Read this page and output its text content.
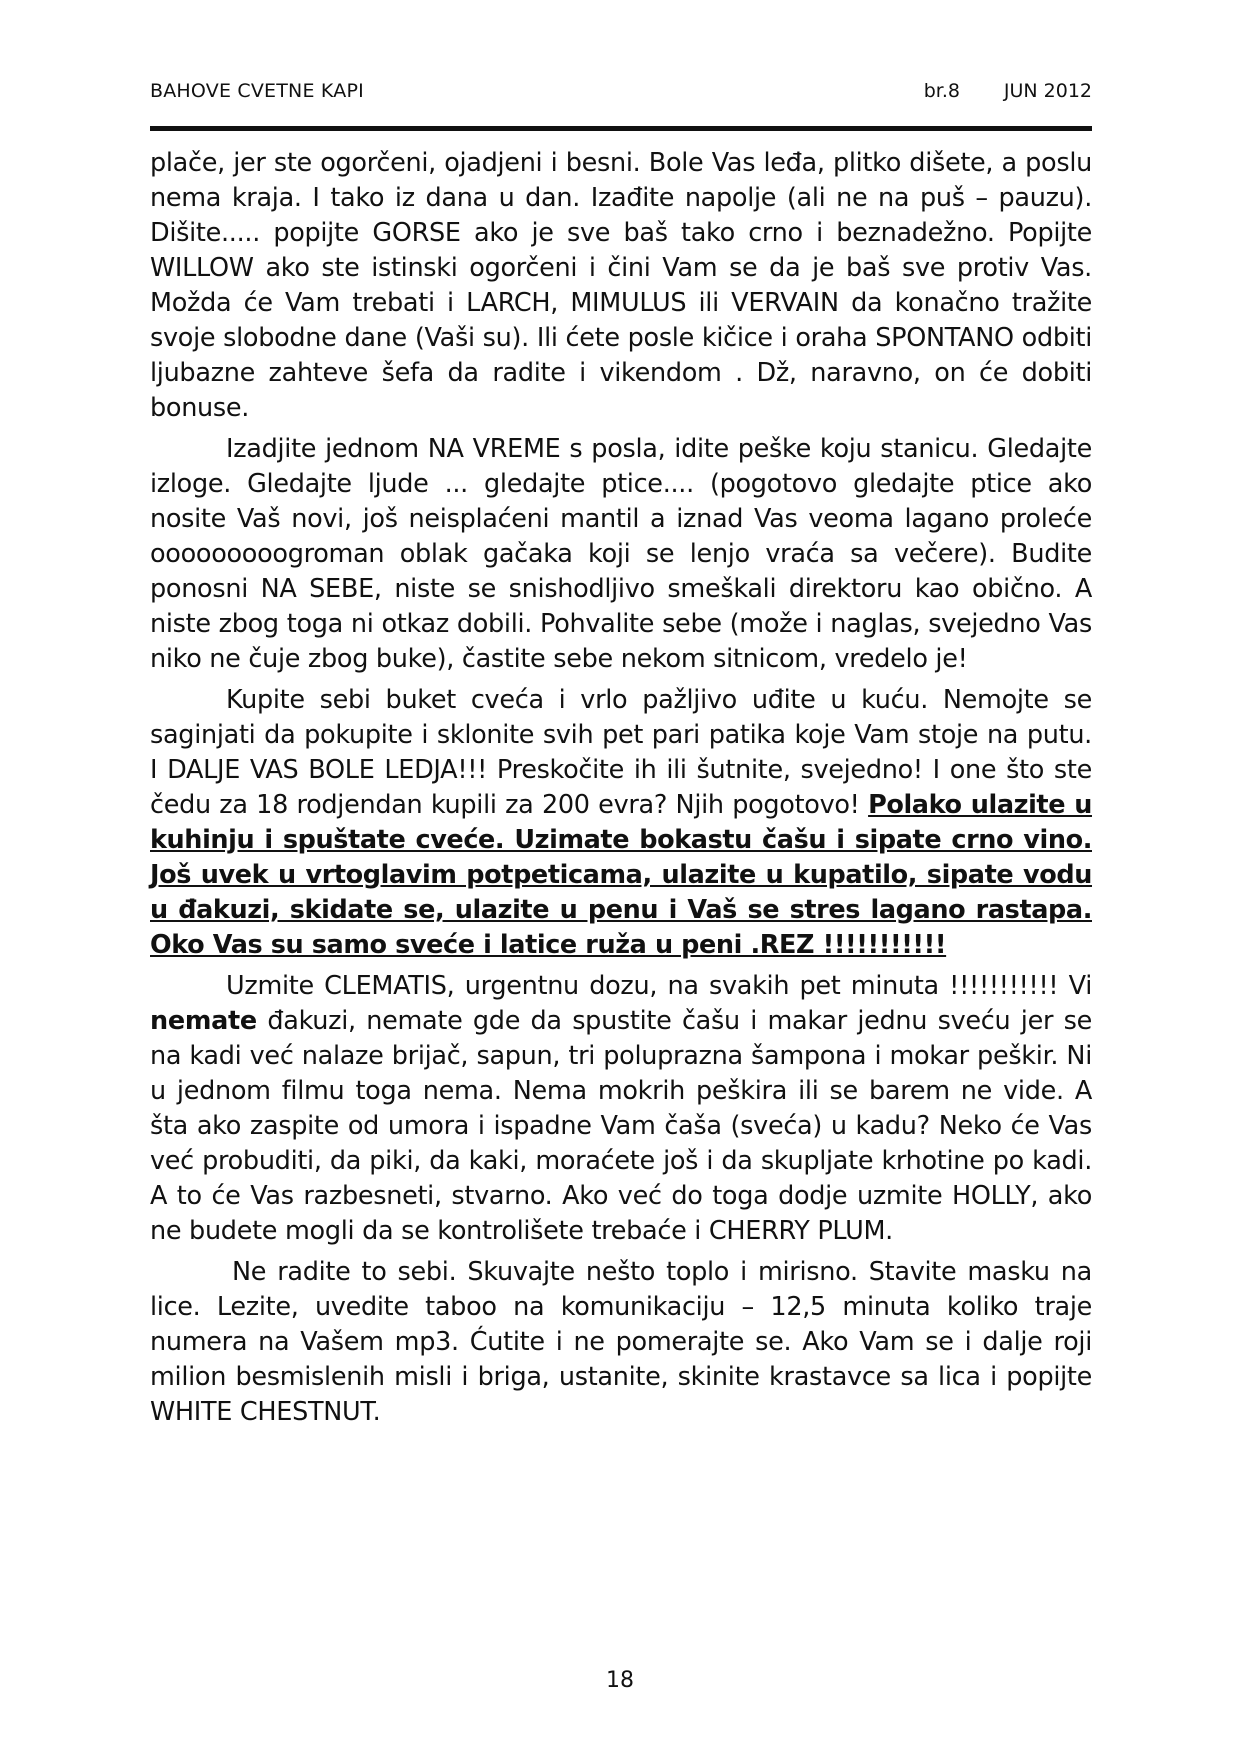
BAHOVE CVETNE KAPI	br.8 JUN 2012

plače, jer ste ogorčeni, ojadjeni i besni. Bole Vas leđa, plitko dišete, a poslu nema kraja. I tako iz dana u dan. Izađite napolje (ali ne na puš – pauzu). Dišite..... popijte GORSE ako je sve baš tako crno i beznadežno. Popijte WILLOW ako ste istinski ogorčeni i čini Vam se da je baš sve protiv Vas. Možda će Vam trebati i LARCH, MIMULUS ili VERVAIN da konačno tražite svoje slobodne dane (Vaši su). Ili ćete posle kičice i oraha SPONTANO odbiti ljubazne zahteve šefa da radite i vikendom . Dž, naravno, on će dobiti bonuse.

Izadjite jednom NA VREME s posla, idite peške koju stanicu. Gledajte izloge. Gledajte ljude ... gledajte ptice.... (pogotovo gledajte ptice ako nosite Vaš novi, još neisplaćeni mantil a iznad Vas veoma lagano proleće ooooooooogroman oblak gačaka koji se lenjo vraća sa večere). Budite ponosni NA SEBE, niste se snishodljivo smeškali direktoru kao obično. A niste zbog toga ni otkaz dobili. Pohvalite sebe (može i naglas, svejedno Vas niko ne čuje zbog buke), častite sebe nekom sitnicom, vredelo je!

Kupite sebi buket cveća i vrlo pažljivo uđite u kuću. Nemojte se saginjati da pokupite i sklonite svih pet pari patika koje Vam stoje na putu. I DALJE VAS BOLE LEDJA!!! Preskočite ih ili šutnite, svejedno! I one što ste čedu za 18 rodjendan kupili za 200 evra? Njih pogotovo! Polako ulazite u kuhinju i spuštate cveće. Uzimate bokastu čašu i sipate crno vino. Još uvek u vrtoglavim potpeticama, ulazite u kupatilo, sipate vodu u đakuzi, skidate se, ulazite u penu i Vaš se stres lagano rastapa. Oko Vas su samo sveće i latice ruža u peni .REZ !!!!!!!!!!!

Uzmite CLEMATIS, urgentnu dozu, na svakih pet minuta !!!!!!!!!!! Vi nemate đakuzi, nemate gde da spustite čašu i makar jednu sveću jer se na kadi već nalaze brijač, sapun, tri poluprazna šampona i mokar peškir. Ni u jednom filmu toga nema. Nema mokrih peškira ili se barem ne vide. A šta ako zaspite od umora i ispadne Vam čaša (sveća) u kadu? Neko će Vas već probuditi, da piki, da kaki, moraćete još i da skupljate krhotine po kadi. A to će Vas razbesneti, stvarno. Ako već do toga dodje uzmite HOLLY, ako ne budete mogli da se kontrolišete trebaće i CHERRY PLUM.

Ne radite to sebi. Skuvajte nešto toplo i mirisno. Stavite masku na lice. Lezite, uvedite taboo na komunikaciju – 12,5 minuta koliko traje numera na Vašem mp3. Ćutite i ne pomerajte se. Ako Vam se i dalje roji milion besmislenih misli i briga, ustanite, skinite krastavce sa lica i popijte WHITE CHESTNUT.

18
